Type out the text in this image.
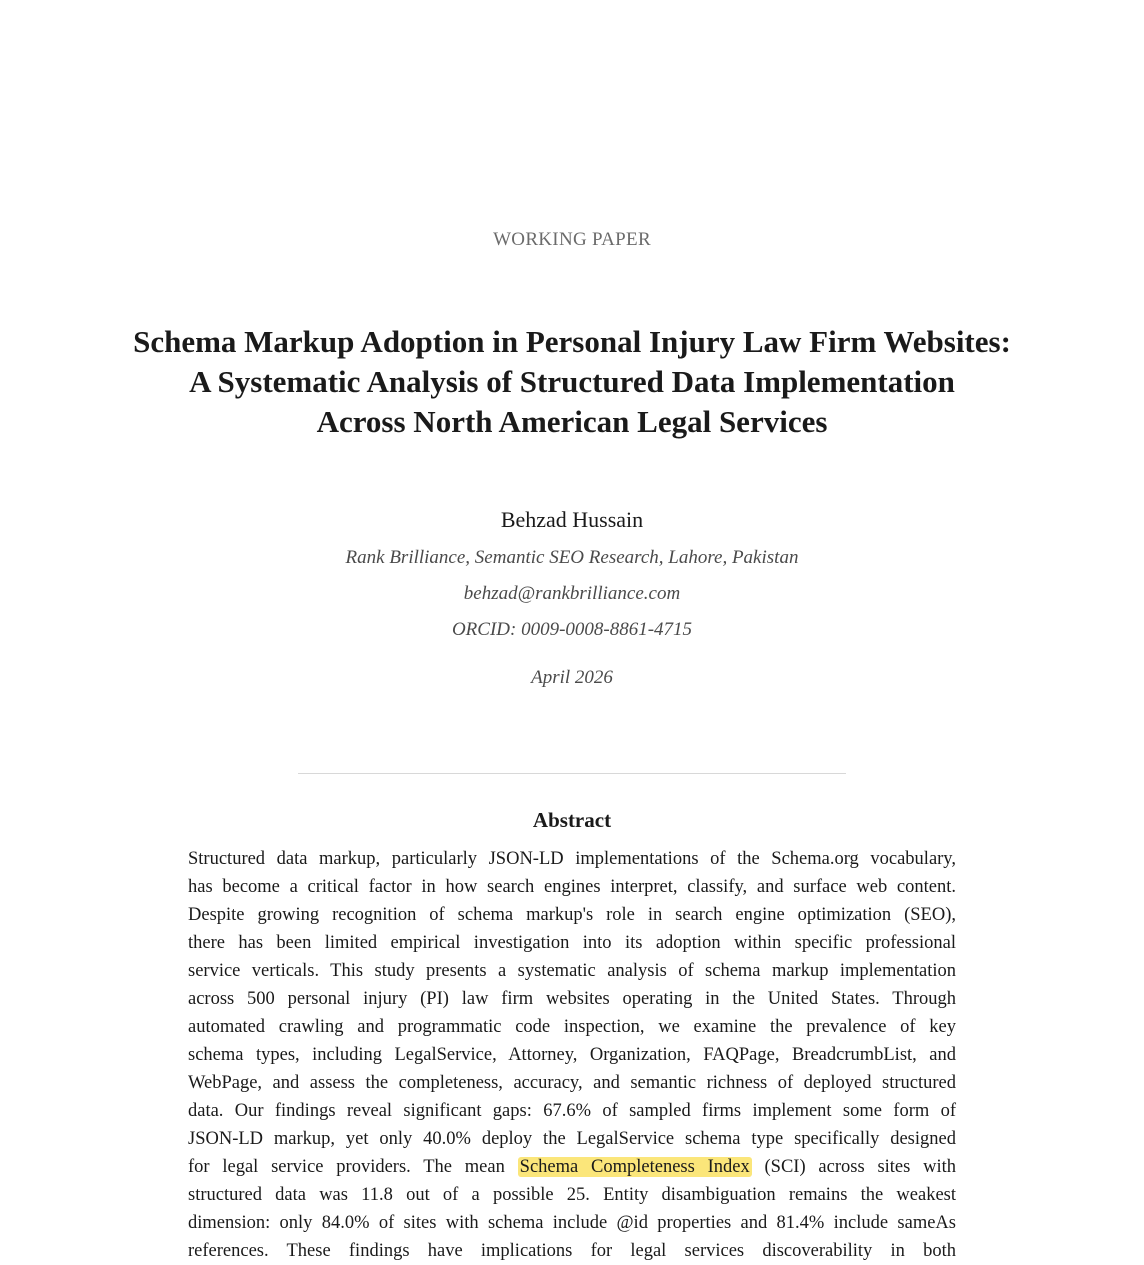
WORKING PAPER
Schema Markup Adoption in Personal Injury Law Firm Websites:
A Systematic Analysis of Structured Data Implementation
Across North American Legal Services
Behzad Hussain
Rank Brilliance, Semantic SEO Research, Lahore, Pakistan
behzad@rankbrilliance.com
ORCID: 0009-0008-8861-4715
April 2026
Abstract
Structured data markup, particularly JSON-LD implementations of the Schema.org vocabulary,
has become a critical factor in how search engines interpret, classify, and surface web content.
Despite growing recognition of schema markup's role in search engine optimization (SEO),
there has been limited empirical investigation into its adoption within specific professional
service verticals. This study presents a systematic analysis of schema markup implementation
across 500 personal injury (PI) law firm websites operating in the United States. Through
automated crawling and programmatic code inspection, we examine the prevalence of key
schema types, including LegalService, Attorney, Organization, FAQPage, BreadcrumbList, and
WebPage, and assess the completeness, accuracy, and semantic richness of deployed structured
data. Our findings reveal significant gaps: 67.6% of sampled firms implement some form of
JSON-LD markup, yet only 40.0% deploy the LegalService schema type specifically designed
for legal service providers. The mean Schema Completeness Index (SCI) across sites with
structured data was 11.8 out of a possible 25. Entity disambiguation remains the weakest
dimension: only 84.0% of sites with schema include @id properties and 81.4% include sameAs
references. These findings have implications for legal services discoverability in both
